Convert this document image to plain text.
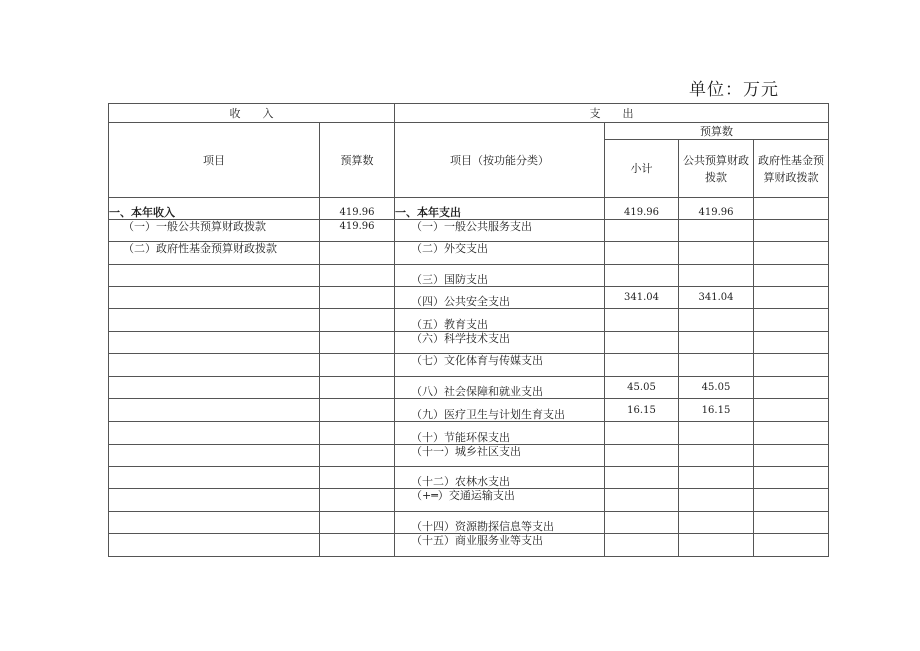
单位：万元
收　　入		支　　出			
项目	预算数	项目（按功能分类）	预算数		
			小计	公共预算财政拨款	政府性基金预算财政拨款
一、本年收入	419.96	一、本年支出	419.96	419.96	
（一）一般公共预算财政拨款	419.96	（一）一般公共服务支出			
（二）政府性基金预算财政拨款		（二）外交支出			
		（三）国防支出			
		（四）公共安全支出	341.04	341.04	
		（五）教育支出			
		（六）科学技术支出			
		（七）文化体育与传媒支出			
		（八）社会保障和就业支出	45.05	45.05	
		（九）医疗卫生与计划生育支出	16.15	16.15	
		（十）节能环保支出			
		（十一）城乡社区支出			
		（十二）农林水支出			
		（+═）交通运输支出			
		（十四）资源勘探信息等支出			
		（十五）商业服务业等支出			
